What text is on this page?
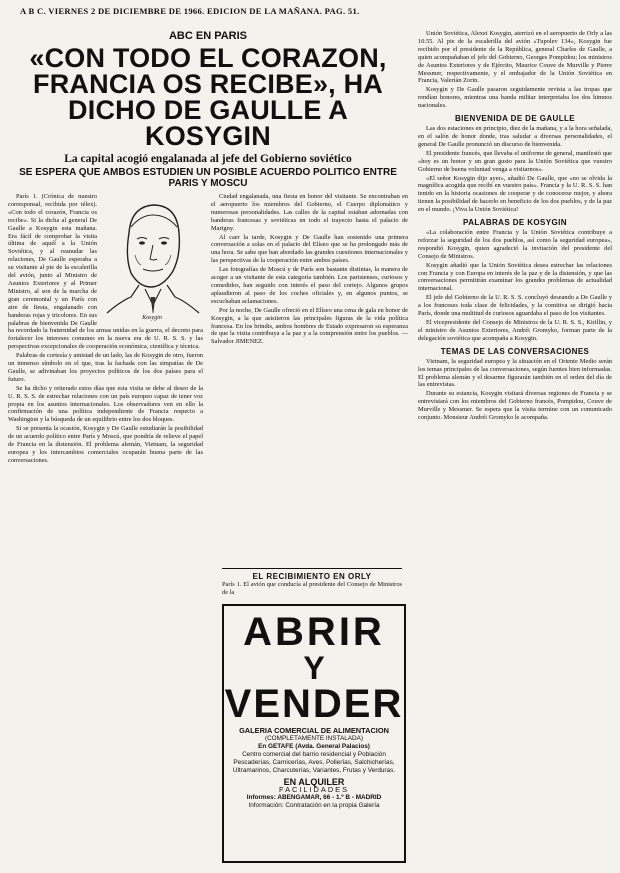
A B C. VIERNES 2 DE DICIEMBRE DE 1966. EDICION DE LA MAÑANA. PAG. 51.
ABC EN PARIS
«CON TODO EL CORAZON, FRANCIA OS RECIBE», HA DICHO DE GAULLE A KOSYGIN
La capital acogió engalanada al jefe del Gobierno soviético
SE ESPERA QUE AMBOS ESTUDIEN UN POSIBLE ACUERDO POLITICO ENTRE PARIS Y MOSCU
Kosygin

París 1. (Crónica de nuestro corresponsal, recibida por télex). «Con todo el corazón, Francia os recibe». Si la dicha al general De Gaulle a Kosygin esta mañana. Era fácil de comprobar la visita última de aquél a la Unión Soviética, y al reanudar las relaciones, De Gaulle esperaba a su visitante al pie de la escalerilla del avión, junto al Ministro de Asuntos Exteriores y al Primer Ministro, al son de la marcha de gran ceremonial y un París con aire de fiesta, engalanado con banderas rojas y tricolores. En sus palabras de bienvenida De Gaulle ha recordado la fraternidad de los armas unidas en la guerra, el decreto para fortalecer los intereses comunes en la nueva era de U. R. S. S. y las perspectivas excepcionales de cooperación económica, científica y técnica.

Palabras de cortesía y amistad de un lado, las de Kosygin de otro, fueron un inmenso símbolo en el que, tras la fachada con las simpatías de De Gaulle, se adivinaban los proyectos políticos de los dos países para el futuro.

Se ha dicho y reiterado estos días que esta visita se debe al deseo de la U. R. S. S. de estrechar relaciones con un país europeo capaz de tener voz propia en los asuntos internacionales. Los observadores ven en ello la confirmación de una política independiente de Francia respecto a Washington y la búsqueda de un equilibrio entre los dos bloques.

Si se presenta la ocasión, Kosygin y De Gaulle estudiarán la posibilidad de un acuerdo político entre París y Moscú, que pondría de relieve el papel de Francia en la distensión. El problema alemán, Vietnam, la seguridad europea y los intercambios comerciales ocuparán buena parte de las conversaciones.

Ciudad engalanada, una fiesta en honor del visitante. Se encontraban en el aeropuerto los miembros del Gobierno, el Cuerpo diplomático y numerosas personalidades. Las calles de la capital estaban adornadas con banderas francesas y soviéticas en todo el trayecto hasta el palacio de Marigny.

Al caer la tarde, Kosygin y De Gaulle han sostenido una primera conversación a solas en el palacio del Elíseo que se ha prolongado más de una hora. Se sabe que han abordado las grandes cuestiones internacionales y las perspectivas de la cooperación entre ambos países.

Las fotografías de Moscú y de París son bastante distintas, la manera de acoger a un visitante de esta categoría también. Los parisienses, curiosos y comedidos, han seguido con interés el paso del cortejo. Algunos grupos aplaudieron al paso de los coches oficiales y, en algunos puntos, se escuchaban aclamaciones.

Por la noche, De Gaulle ofreció en el Elíseo una cena de gala en honor de Kosygin, a la que asistieron las principales figuras de la vida política francesa. En los brindis, ambos hombres de Estado expresaron su esperanza de que la visita contribuya a la paz y a la comprensión entre los pueblos. — Salvador JIMENEZ.

EL RECIBIMIENTO EN ORLY
París 1. El avión que conducía al presidente del Consejo de Ministros de la
ABRIR
Y
VENDER
GALERIA COMERCIAL DE ALIMENTACION
(COMPLETAMENTE INSTALADA)
En GETAFE (Avda. General Palacios)
Centro comercial del barrio residencial y Población
Pescaderías, Carnicerías, Aves, Pollerías, Salchicherías, Ultramarinos, Charcuterías, Variantes, Frutas y Verduras.
EN ALQUILER
FACILIDADES
Informes: ABENGAMAR, 66 - 1.º B - MADRID
Información: Contratación en la propia Galería

Unión Soviética, Alexei Kosygin, aterrizó en el aeropuerto de Orly a las 10.55. Al pie de la escalerilla del avión «Tupolev 134», Kosygin fue recibido por el presidente de la República, general Charles de Gaulle, a quien acompañaban el jefe del Gobierno, Georges Pompidou; los ministros de Asuntos Exteriores y de Ejército, Maurice Couve de Murville y Pierre Messmer, respectivamente, y el embajador de la Unión Soviética en Francia, Valerián Zorin.

Kosygin y De Gaulle pasaron seguidamente revista a las tropas que rendían honores, mientras una banda militar interpretaba los dos himnos nacionales.

BIENVENIDA DE DE GAULLE

Las dos estaciones en principio, diez de la mañana, y a la hora señalada, en el salón de honor donde, tras saludar a diversas personalidades, el general De Gaulle pronunció un discurso de bienvenida.

El presidente francés, que llevaba el uniforme de general, manifestó que «hoy es un honor y un gran gusto para la Unión Soviética que vuestro Gobierno de buena voluntad venga a visitarnos».

«El señor Kosygin dijo ayer», añadió De Gaulle, que «no se olvida la magnífica acogida que recibí en vuestro país». Francia y la U. R. S. S. han tenido en la historia ocasiones de cooperar y de conocerse mejor, y ahora tienen la posibilidad de hacerlo en beneficio de los dos pueblos, y de la paz en el mundo. ¡Viva la Unión Soviética!

PALABRAS DE KOSYGIN

«La colaboración entre Francia y la Unión Soviética contribuye a reforzar la seguridad de los dos pueblos, así como la seguridad europea», respondió Kosygin, quien agradeció la invitación del presidente del Consejo de Ministros.

Kosygin añadió que la Unión Soviética desea estrechar las relaciones con Francia y con Europa en interés de la paz y de la distensión, y que las conversaciones permitirán examinar los grandes problemas de actualidad internacional.

El jefe del Gobierno de la U. R. S. S. concluyó deseando a De Gaulle y a los franceses toda clase de felicidades, y la comitiva se dirigió hacia París, donde una multitud de curiosos aguardaba el paso de los visitantes.

El vicepresidente del Consejo de Ministros de la U. R. S. S., Kirillin, y el ministro de Asuntos Exteriores, Andréi Gromyko, forman parte de la delegación soviética que acompaña a Kosygin.

TEMAS DE LAS CONVERSACIONES

Vietnam, la seguridad europea y la situación en el Oriente Medio serán los temas principales de las conversaciones, según fuentes bien informadas. El problema alemán y el desarme figurarán también en el orden del día de las entrevistas.

Durante su estancia, Kosygin visitará diversas regiones de Francia y se entrevistará con los miembros del Gobierno francés, Pompidou, Couve de Murville y Messmer. Se espera que la visita termine con un comunicado conjunto. Monsieur Andréi Gromyko le acompaña.
